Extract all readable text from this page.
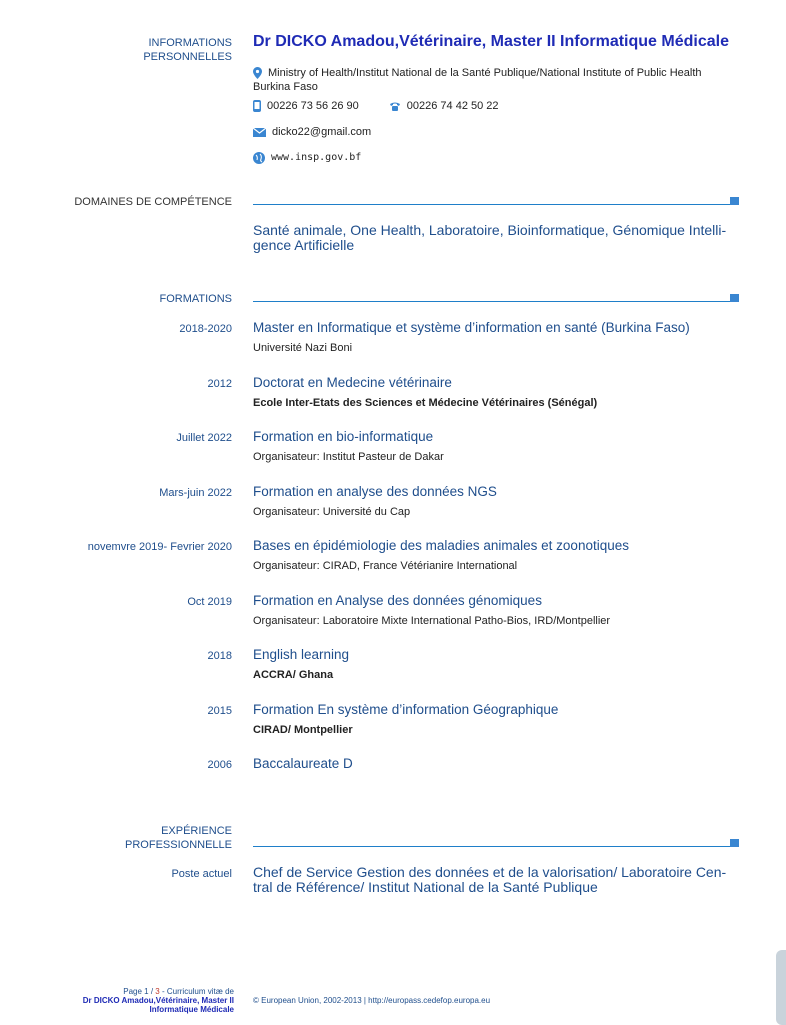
INFORMATIONS
PERSONNELLES
Dr DICKO Amadou,Vétérinaire, Master II Informatique Médicale
Ministry of Health/Institut National de la Santé Publique/National Institute of Public Health
Burkina Faso
00226 73 56 26 90	00226 74 42 50 22
dicko22@gmail.com
www.insp.gov.bf
DOMAINES DE COMPÉTENCE
Santé animale, One Health, Laboratoire, Bioinformatique, Génomique Intelli-
gence Artificielle
FORMATIONS
2018-2020 Master en Informatique et système d’information en santé (Burkina Faso)
Université Nazi Boni
2012 Doctorat en Medecine vétérinaire
Ecole Inter-Etats des Sciences et Médecine Vétérinaires (Sénégal)
Juillet 2022 Formation en bio-informatique
Organisateur: Institut Pasteur de Dakar
Mars-juin 2022 Formation en analyse des données NGS
Organisateur: Université du Cap
novemvre 2019- Fevrier 2020 Bases en épidémiologie des maladies animales et zoonotiques
Organisateur: CIRAD, France Vétérianire International
Oct 2019 Formation en Analyse des données génomiques
Organisateur: Laboratoire Mixte International Patho-Bios, IRD/Montpellier
2018 English learning
ACCRA/ Ghana
2015 Formation En système d’information Géographique
CIRAD/ Montpellier
2006 Baccalaureate D
EXPÉRIENCE
PROFESSIONNELLE
Poste actuel Chef de Service Gestion des données et de la valorisation/ Laboratoire Cen-
tral de Référence/ Institut National de la Santé Publique
Page 1 / 3 - Curriculum vitæ de
Dr DICKO Amadou,Vétérinaire, Master II
Informatique Médicale
© European Union, 2002-2013 | http://europass.cedefop.europa.eu
